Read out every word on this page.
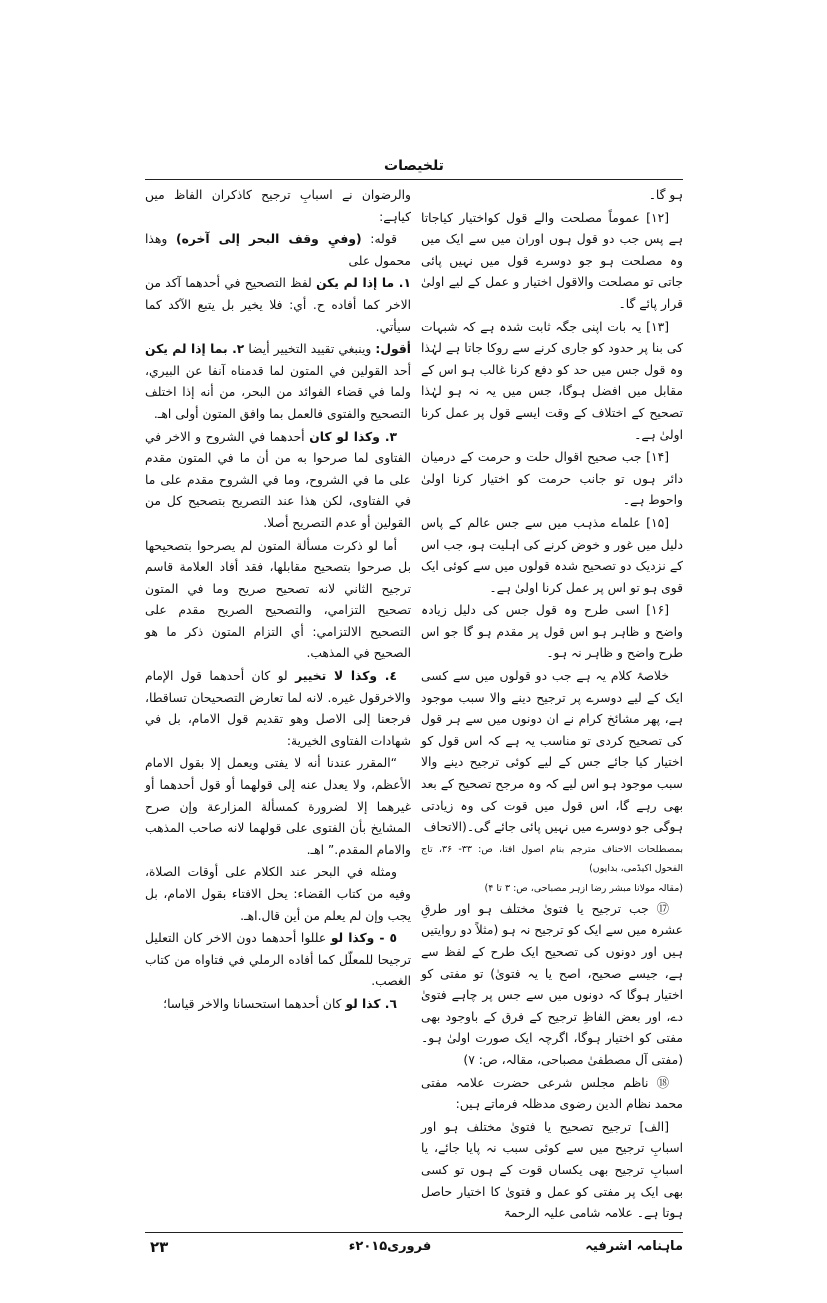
تلخیصات

والرضوان نے اسبابِ ترجیح کاذکران الفاظ میں کیاہے:

قوله: (وفيِ وقف البحر إلى آخره) وهذا محمول على

١. ما إذا لم يكن لفظ التصحيح في أحدهما آكد من الاخر كما أفاده ح. أي: فلا يخير بل يتبع الآكد كما سيأتي.

أقول: وينبغي تقييد التخيير أيضا ٢. بما إذا لم يكن أحد القولين في المتون لما قدمناه آنفا عن البيري، ولما في قضاء الفوائد من البحر، من أنه إذا اختلف التصحيح والفتوى فالعمل بما وافق المتون أولى اهـ.

٣. وكذا لو كان أحدهما في الشروح و الاخر في الفتاوى لما صرحوا به من أن ما في المتون مقدم على ما في الشروح، وما في الشروح مقدم على ما في الفتاوى، لكن هذا عند التصريح بتصحيح كل من القولين أو عدم التصريح أصلا.

أما لو ذكرت مسألة المتون لم يصرحوا بتصحيحها بل صرحوا بتصحيح مقابلها، فقد أفاد العلامة قاسم ترجيح الثاني لانه تصحيح صريح وما في المتون تصحيح التزامي، والتصحيح الصريح مقدم على التصحيح الالتزامي: أي التزام المتون ذكر ما هو الصحيح في المذهب.

٤. وكذا لا تخيير لو كان أحدهما قول الإمام والاخرقول غيره. لانه لما تعارض التصحيحان تساقطا، فرجعنا إلى الاصل وهو تقديم قول الامام، بل في شهادات الفتاوى الخيرية:

“المقرر عندنا أنه لا يفتى ويعمل إلا بقول الامام الأعظم، ولا يعدل عنه إلى قولهما أو قول أحدهما أو غيرهما إلا لضرورة كمسألة المزارعة وإن صرح المشايخ بأن الفتوى على قولهما لانه صاحب المذهب والامام المقدم.” اهـ.

ومثله في البحر عند الكلام على أوقات الصلاة، وفيه من كتاب القضاء: يحل الافتاء بقول الامام، بل يجب وإن لم يعلم من أين قال.اهـ.

٥ - وكذا لو عللوا أحدهما دون الاخر كان التعليل ترجيحا للمعلّل كما أفاده الرملي في فتاواه من كتاب الغصب.

٦. كذا لو كان أحدهما استحسانا والاخر قياسا؛

ہو گا۔

[۱۲] عموماً مصلحت والے قول کواختیار کیاجاتا ہے پس جب دو قول ہوں اوران میں سے ایک میں وہ مصلحت ہو جو دوسرے قول میں نہیں پائی جاتی تو مصلحت والاقول اختیار و عمل کے لیے اولیٰ قرار پائے گا۔

[۱۳] یہ بات اپنی جگہ ثابت شدہ ہے کہ شبہات کی بنا پر حدود کو جاری کرنے سے روکا جاتا ہے لہٰذا وہ قول جس میں حد کو دفع کرنا غالب ہو اس کے مقابل میں افضل ہوگا، جس میں یہ نہ ہو لہٰذا تصحیح کے اختلاف کے وقت ایسے قول پر عمل کرنا اولیٰ ہے۔

[۱۴] جب صحیح اقوال حلت و حرمت کے درمیان دائر ہوں تو جانب حرمت کو اختیار کرنا اولیٰ واحوط ہے۔

[۱۵] علماے مذہب میں سے جس عالم کے پاس دلیل میں غور و خوض کرنے کی اہلیت ہو، جب اس کے نزدیک دو تصحیح شدہ قولوں میں سے کوئی ایک قوی ہو تو اس پر عمل کرنا اولیٰ ہے۔

[۱۶] اسی طرح وہ قول جس کی دلیل زیادہ واضح و ظاہر ہو اس قول پر مقدم ہو گا جو اس طرح واضح و ظاہر نہ ہو۔

خلاصۂ کلام یہ ہے جب دو قولوں میں سے کسی ایک کے لیے دوسرے پر ترجیح دینے والا سبب موجود ہے، پھر مشائخ کرام نے ان دونوں میں سے ہر قول کی تصحیح کردی تو مناسب یہ ہے کہ اس قول کو اختیار کیا جائے جس کے لیے کوئی ترجیح دینے والا سبب موجود ہو اس لیے کہ وہ مرجح تصحیح کے بعد بھی رہے گا، اس قول میں قوت کی وہ زیادتی ہوگی جو دوسرے میں نہیں پائی جائے گی۔(الاتحاف

بمصطلحات الاحناف مترجم بنام اصول افتا، ص: ۳۳- ۳۶، تاج الفحول اکیڈمی، بدایوں)

(مقالہ مولانا مبشر رضا ازہر مصباحی، ص: ۳ تا ۴)

⑰ جب ترجیح یا فتویٰ مختلف ہو اور طرقِ عشرہ میں سے ایک کو ترجیح نہ ہو (مثلاً دو روایتیں ہیں اور دونوں کی تصحیح ایک طرح کے لفظ سے ہے، جیسے صحیح، اصح یا یہ فتویٰ) تو مفتی کو اختیار ہوگا کہ دونوں میں سے جس پر چاہے فتویٰ دے، اور بعض الفاظِ ترجیح کے فرق کے باوجود بھی مفتی کو اختیار ہوگا، اگرچہ ایک صورت اولیٰ ہو۔ (مفتی آل مصطفیٰ مصباحی، مقالہ، ص: ۷)

⑱ ناظم مجلس شرعی حضرت علامہ مفتی محمد نظام الدین رضوی مدظلہ فرماتے ہیں:

[الف] ترجیح تصحیح یا فتویٰ مختلف ہو اور اسبابِ ترجیح میں سے کوئی سبب نہ پایا جائے، یا اسبابِ ترجیح بھی یکساں قوت کے ہوں تو کسی بھی ایک پر مفتی کو عمل و فتویٰ کا اختیار حاصل ہوتا ہے۔ علامہ شامی علیہ الرحمۃ

ماہنامہ اشرفیہ
فروری۲۰۱۵ء
۲۳
